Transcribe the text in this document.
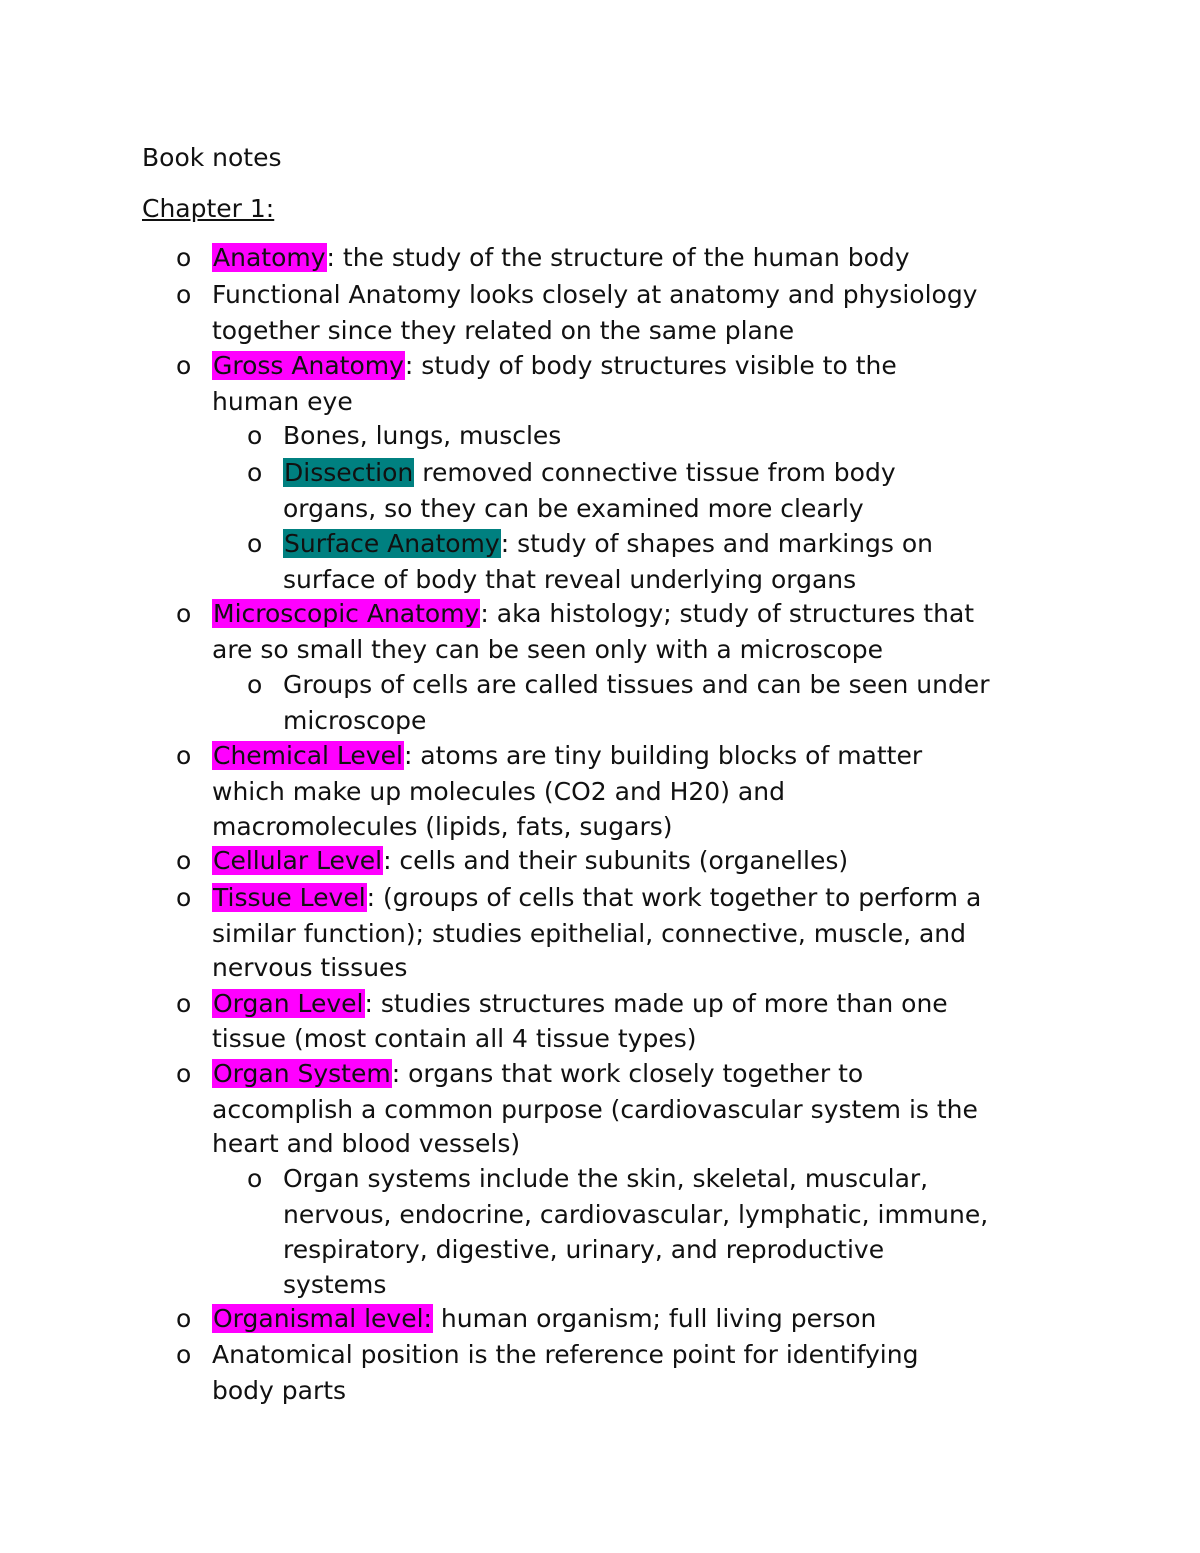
Book notes
Chapter 1:
o Anatomy: the study of the structure of the human body
o Functional Anatomy looks closely at anatomy and physiology
together since they related on the same plane
o Gross Anatomy: study of body structures visible to the
human eye
o Bones, lungs, muscles
o Dissection removed connective tissue from body
organs, so they can be examined more clearly
o Surface Anatomy: study of shapes and markings on
surface of body that reveal underlying organs
o Microscopic Anatomy: aka histology; study of structures that
are so small they can be seen only with a microscope
o Groups of cells are called tissues and can be seen under
microscope
o Chemical Level: atoms are tiny building blocks of matter
which make up molecules (CO2 and H20) and
macromolecules (lipids, fats, sugars)
o Cellular Level: cells and their subunits (organelles)
o Tissue Level: (groups of cells that work together to perform a
similar function); studies epithelial, connective, muscle, and
nervous tissues
o Organ Level: studies structures made up of more than one
tissue (most contain all 4 tissue types)
o Organ System: organs that work closely together to
accomplish a common purpose (cardiovascular system is the
heart and blood vessels)
o Organ systems include the skin, skeletal, muscular,
nervous, endocrine, cardiovascular, lymphatic, immune,
respiratory, digestive, urinary, and reproductive
systems
o Organismal level: human organism; full living person
o Anatomical position is the reference point for identifying
body parts
